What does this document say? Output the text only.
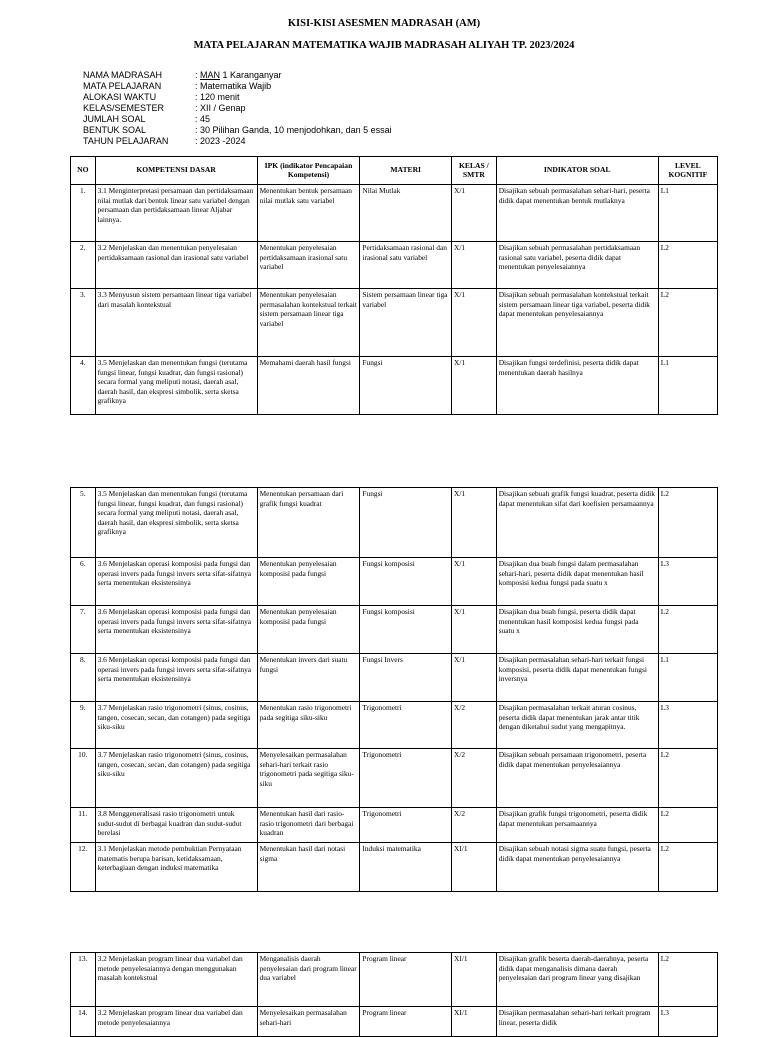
KISI-KISI ASESMEN MADRASAH (AM)
MATA PELAJARAN MATEMATIKA WAJIB MADRASAH ALIYAH TP. 2023/2024
NAMA MADRASAH	: MAN 1 Karanganyar
MATA PELAJARAN	: Matematika Wajib
ALOKASI WAKTU	: 120 menit
KELAS/SEMESTER	: XII / Genap
JUMLAH SOAL	: 45
BENTUK SOAL	: 30 Pilihan Ganda, 10 menjodohkan, dan 5 essai
TAHUN PELAJARAN	: 2023 -2024
NO	KOMPETENSI DASAR	IPK (indikator Pencapaian Kompetensi)	MATERI	KELAS / SMTR	INDIKATOR SOAL	LEVEL KOGNITIF
1.	3.1 Menginterpretasi persamaan dan pertidaksamaan nilai mutlak dari bentuk linear satu variabel dengan persamaan dan pertidaksamaan linear Aljabar lainnya.	Menentukan bentuk persamaan nilai mutlak satu variabel	Nilai Mutlak	X/1	Disajikan sebuah permasalahan sehari-hari, peserta didik dapat menentukan bentuk mutlaknya	L1
2.	3.2 Menjelaskan dan menentukan penyelesaian pertidaksamaan rasional dan irasional satu variabel	Menentukan penyelesaian pertidaksamaan irasional satu variabel	Pertidaksamaan rasional dan irasional satu variabel	X/1	Disajikan sebuah permasalahan pertidaksamaan rasional satu variabel, peserta didik dapat menentukan penyelesaiannya	L2
3.	3.3 Menyusun sistem persamaan linear tiga variabel dari masalah kontekstual	Menentukan penyelesaian permasalahan kontekstual terkait sistem persamaan linear tiga variabel	Sistem persamaan linear tiga variabel	X/1	Disajikan sebuah permasalahan kontekstual terkait sistem persamaan linear tiga variabel, peserta didik dapat menentukan penyelesaiannya	L2
4.	3.5 Menjelaskan dan menentukan fungsi (terutama fungsi linear, fungsi kuadrat, dan fungsi rasional) secara formal yang meliputi notasi, daerah asal, daerah hasil, dan ekspresi simbolik, serta sketsa grafiknya	Memahami daerah hasil fungsi	Fungsi	X/1	Disajikan fungsi terdefinisi, peserta didik dapat menentukan daerah hasilnya	L1
5.	3.5 Menjelaskan dan menentukan fungsi (terutama fungsi linear, fungsi kuadrat, dan fungsi rasional) secara formal yang meliputi notasi, daerah asal, daerah hasil, dan ekspresi simbolik, serta sketsa grafiknya	Menentukan persamaan dari grafik fungsi kuadrat	Fungsi	X/1	Disajikan sebuah grafik fungsi kuadrat, peserta didik dapat menentukan sifat dari koefisien persamaannya	L2
6.	3.6 Menjelaskan operasi komposisi pada fungsi dan operasi invers pada fungsi invers serta sifat-sifatnya serta menentukan eksistensinya	Menentukan penyelesaian komposisi pada fungsi	Fungsi komposisi	X/1	Disajikan dua buah fungsi dalam permasalahan sehari-hari, peserta didik dapat menentukan hasil komposisi kedua fungsi pada suatu x	L3
7.	3.6 Menjelaskan operasi komposisi pada fungsi dan operasi invers pada fungsi invers serta sifat-sifatnya serta menentukan eksistensinya	Menentukan penyelesaian komposisi pada fungsi	Fungsi komposisi	X/1	Disajikan dua buah fungsi, peserta didik dapat menentukan hasil komposisi kedua fungsi pada suatu x	L2
8.	3.6 Menjelaskan operasi komposisi pada fungsi dan operasi invers pada fungsi invers serta sifat-sifatnya serta menentukan eksistensinya	Menentukan invers dari suatu fungsi	Fungsi Invers	X/1	Disajikan permasalahan sehari-hari terkait fungsi komposisi, peserta didik dapat menentukan fungsi inversnya	L1
9.	3.7 Menjelaskan rasio trigonometri (sinus, cosinus, tangen, cosecan, secan, dan cotangen) pada segitiga siku-siku	Menentukan rasio trigonometri pada segitiga siku-siku	Trigonometri	X/2	Disajikan permasalahan terkait aturan cosinus, peserta didik dapat menentukan jarak antar titik dengan diketahui sudut yang mengapitnya.	L3
10.	3.7 Menjelaskan rasio trigonometri (sinus, cosinus, tangen, cosecan, secan, dan cotangen) pada segitiga siku-siku	Menyelesaikan permasalahan sehari-hari terkait rasio trigonometri pada segitiga siku-siku	Trigonometri	X/2	Disajikan sebuah persamaan trigonometri, peserta didik dapat menentukan penyelesaiannya	L2
11.	3.8 Menggeneralisasi rasio trigonometri untuk sudut-sudut di berbagai kuadran dan sudut-sudut berelasi	Menentukan hasil dari rasio-rasio trigonometri dari berbagai kuadran	Trigonometri	X/2	Disajikan grafik fungsi trigonometri, peserta didik dapat menentukan persamaannya	L2
12.	3.1 Menjelaskan metode pembuktian Pernyataan matematis berupa barisan, ketidaksamaan, keterbagiaan dengan induksi matematika	Menentukan hasil dari notasi sigma	Induksi matematika	XI/1	Disajikan sebuah notasi sigma suatu fungsi, peserta didik dapat menentukan penyelesaiannya	L2
13.	3.2 Menjelaskan program linear dua variabel dan metode penyelesaiannya dengan menggunakan masalah kontekstual	Menganalisis daerah penyelesaian dari program linear dua variabel	Program linear	XI/1	Disajikan grafik beserta daerah-daerahnya, peserta didik dapat menganalisis dimana daerah penyelesaian dari program linear yang disajikan	L2
14.	3.2 Menjelaskan program linear dua variabel dan metode penyelesaiannya	Menyelesaikan permasalahan sehari-hari	Program linear	XI/1	Disajikan permasalahan sehari-hari terkait program linear, peserta didik	L3
